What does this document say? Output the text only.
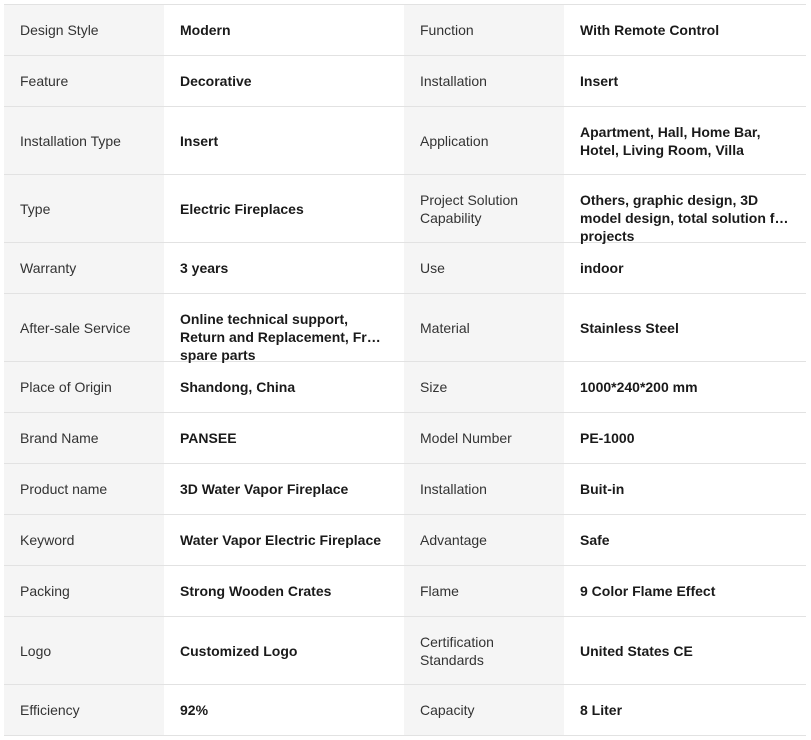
Design Style	Modern	Function	With Remote Control

Feature	Decorative	Installation	Insert

Installation Type	Insert	Application	Apartment, Hall, Home Bar, Hotel, Living Room, Villa

Type	Electric Fireplaces	Project Solution Capability	Others, graphic design, 3D model design, total solution for projects

Warranty	3 years	Use	indoor

After-sale Service	Online technical support, Return and Replacement, Free spare parts	Material	Stainless Steel

Place of Origin	Shandong, China	Size	1000*240*200 mm

Brand Name	PANSEE	Model Number	PE-1000

Product name	3D Water Vapor Fireplace	Installation	Buit-in

Keyword	Water Vapor Electric Fireplace	Advantage	Safe

Packing	Strong Wooden Crates	Flame	9 Color Flame Effect

Logo	Customized Logo	Certification Standards	United States CE

Efficiency	92%	Capacity	8 Liter
